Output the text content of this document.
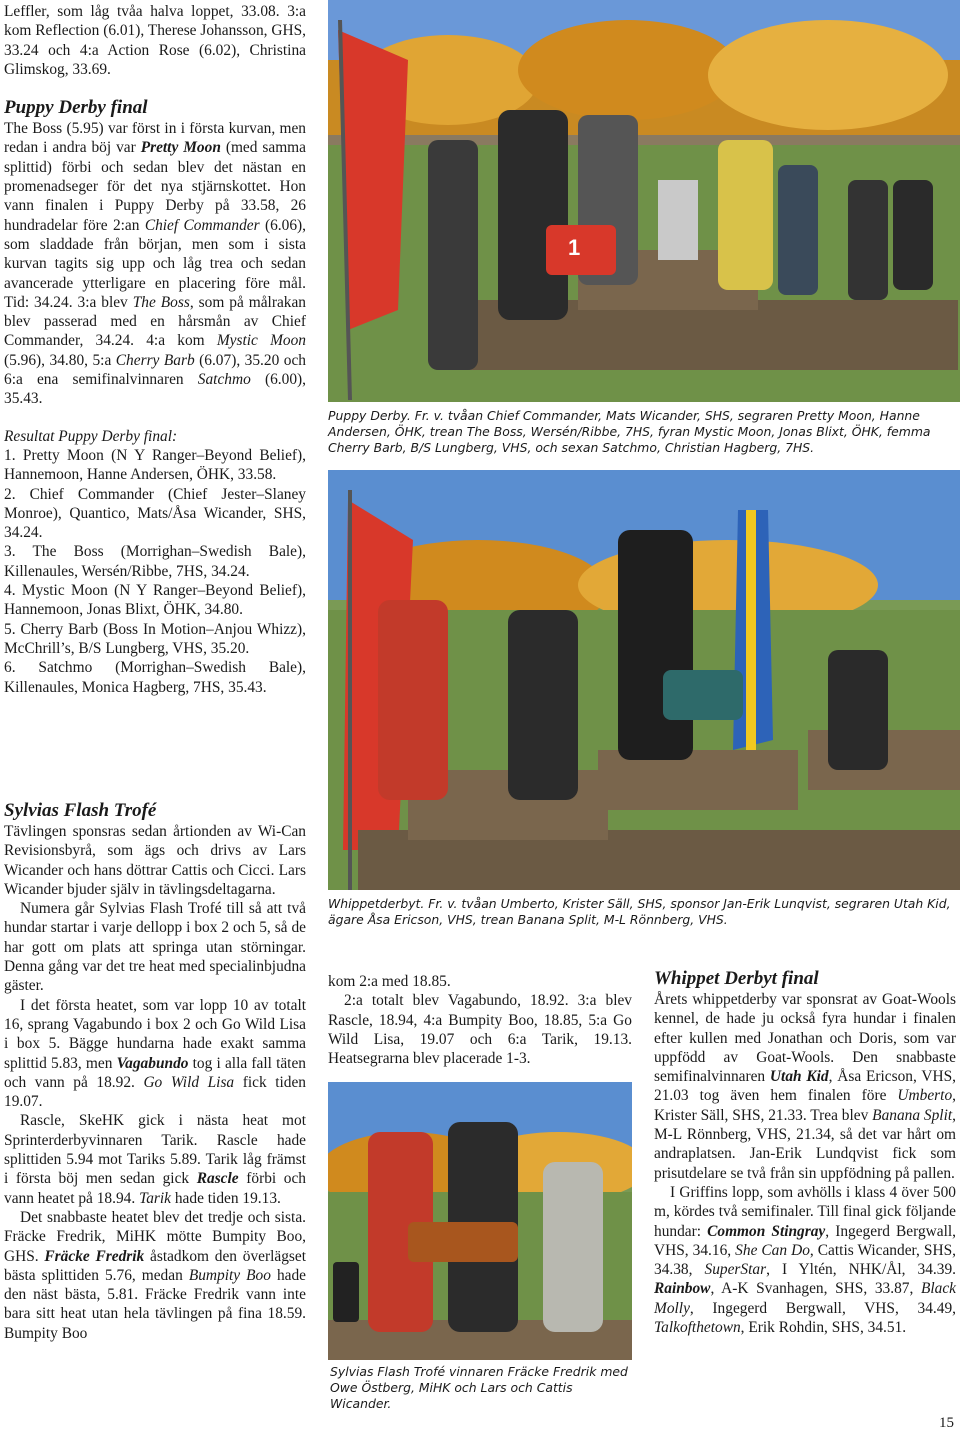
Leffler, som låg tvåa halva loppet, 33.08. 3:a kom Reflection (6.01), Therese Johansson, GHS, 33.24 och 4:a Action Rose (6.02), Christina Glimskog, 33.69.

Puppy Derby final

The Boss (5.95) var först in i första kurvan, men redan i andra böj var Pretty Moon (med samma splittid) förbi och sedan blev det nästan en promenadseger för det nya stjärnskottet. Hon vann finalen i Puppy Derby på 33.58, 26 hundradelar före 2:an Chief Commander (6.06), som sladdade från början, men som i sista kurvan tagits sig upp och låg trea och sedan avancerade ytterligare en placering före mål. Tid: 34.24. 3:a blev The Boss, som på målrakan blev passerad med en hårsmån av Chief Commander, 34.24. 4:a kom Mystic Moon (5.96), 34.80, 5:a Cherry Barb (6.07), 35.20 och 6:a ena semifinalvinnaren Satchmo (6.00), 35.43.

Resultat Puppy Derby final:

1. Pretty Moon (N Y Ranger–Beyond Belief), Hannemoon, Hanne Andersen, ÖHK, 33.58.

2. Chief Commander (Chief Jester–Slaney Monroe), Quantico, Mats/Åsa Wicander, SHS, 34.24.

3. The Boss (Morrighan–Swedish Bale), Killenaules, Wersén/Ribbe, 7HS, 34.24.

4. Mystic Moon (N Y Ranger–Beyond Belief), Hannemoon, Jonas Blixt, ÖHK, 34.80.

5. Cherry Barb (Boss In Motion–Anjou Whizz), McChrill’s, B/S Lungberg, VHS, 35.20.

6. Satchmo (Morrighan–Swedish Bale), Killenaules, Monica Hagberg, 7HS, 35.43.

Sylvias Flash Trofé

Tävlingen sponsras sedan årtionden av Wi-Can Revisionsbyrå, som ägs och drivs av Lars Wicander och hans döttrar Cattis och Cicci. Lars Wicander bjuder själv in tävlingsdeltagarna.

Numera går Sylvias Flash Trofé till så att två hundar startar i varje dellopp i box 2 och 5, så de har gott om plats att springa utan störningar. Denna gång var det tre heat med specialinbjudna gäster.

I det första heatet, som var lopp 10 av totalt 16, sprang Vagabundo i box 2 och Go Wild Lisa i box 5. Bägge hundarna hade exakt samma splittid 5.83, men Vagabundo tog i alla fall täten och vann på 18.92. Go Wild Lisa fick tiden 19.07.

Rascle, SkeHK gick i nästa heat mot Sprinterderbyvinnaren Tarik. Rascle hade splittiden 5.94 mot Tariks 5.89. Tarik låg främst i första böj men sedan gick Rascle förbi och vann heatet på 18.94. Tarik hade tiden 19.13.

Det snabbaste heatet blev det tredje och sista. Fräcke Fredrik, MiHK mötte Bumpity Boo, GHS. Fräcke Fredrik åstadkom den överlägset bästa splittiden 5.76, medan Bumpity Boo hade den näst bästa, 5.81. Fräcke Fredrik vann inte bara sitt heat utan hela tävlingen på fina 18.59. Bumpity Boo

1
Puppy Derby. Fr. v. tvåan Chief Commander, Mats Wicander, SHS, segraren Pretty Moon, Hanne Andersen, ÖHK, trean The Boss, Wersén/Ribbe, 7HS, fyran Mystic Moon, Jonas Blixt, ÖHK, femma Cherry Barb, B/S Lungberg, VHS, och sexan Satchmo, Christian Hagberg, 7HS.
Whippetderbyt. Fr. v. tvåan Umberto, Krister Säll, SHS, sponsor Jan-Erik Lunqvist, segraren Utah Kid, ägare Åsa Ericson, VHS, trean Banana Split, M-L Rönnberg, VHS.

kom 2:a med 18.85.

2:a totalt blev Vagabundo, 18.92. 3:a blev Rascle, 18.94, 4:a Bumpity Boo, 18.85, 5:a Go Wild Lisa, 19.07 och 6:a Tarik, 19.13. Heatsegrarna blev placerade 1-3.

Sylvias Flash Trofé vinnaren Fräcke Fredrik med Owe Östberg, MiHK och Lars och Cattis Wicander.
Whippet Derbyt final

Årets whippetderby var sponsrat av Goat-Wools kennel, de hade ju också fyra hundar i finalen efter kullen med Jonathan och Doris, som var uppfödd av Goat-Wools. Den snabbaste semifinalvinnaren Utah Kid, Åsa Ericson, VHS, 21.03 tog även hem finalen före Umberto, Krister Säll, SHS, 21.33. Trea blev Banana Split, M-L Rönnberg, VHS, 21.34, så det var hårt om andraplatsen. Jan-Erik Lundqvist fick som prisutdelare se två från sin uppfödning på pallen.

I Griffins lopp, som avhölls i klass 4 över 500 m, kördes två semifinaler. Till final gick följande hundar: Common Stingray, Ingegerd Bergwall, VHS, 34.16, She Can Do, Cattis Wicander, SHS, 34.38, SuperStar, I Yltén, NHK/Ål, 34.39. Rainbow, A-K Svanhagen, SHS, 33.87, Black Molly, Ingegerd Bergwall, VHS, 34.49, Talkofthetown, Erik Rohdin, SHS, 34.51.

15
